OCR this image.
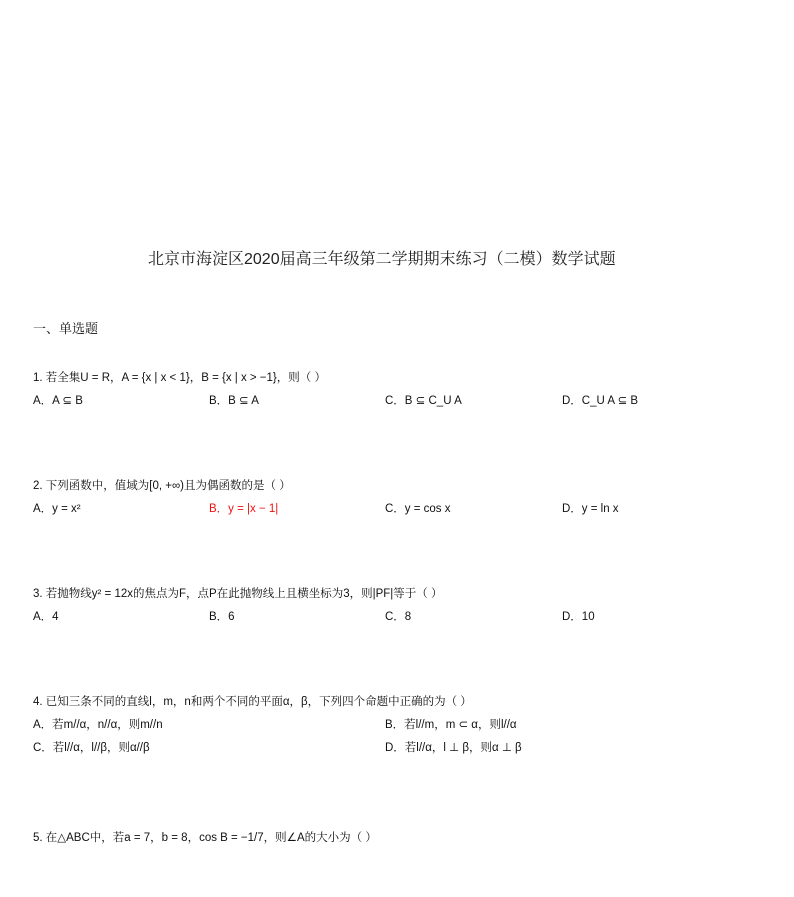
北京市海淀区2020届高三年级第二学期期末练习（二模）数学试题
一、单选题
1. 若全集U = R，A = {x | x < 1}，B = {x | x > −1}，则（ ）
A．A ⊆ B	B．B ⊆ A	C．B ⊆ C_U A	D．C_U A ⊆ B
2. 下列函数中，值域为[0, +∞)且为偶函数的是（ ）
A．y = x²	B．y = |x − 1|	C．y = cos x	D．y = ln x
3. 若抛物线y² = 12x的焦点为F，点P在此抛物线上且横坐标为3，则|PF|等于（ ）
A．4	B．6	C．8	D．10
4. 已知三条不同的直线l，m，n和两个不同的平面α，β，下列四个命题中正确的为（ ）
A．若m//α，n//α，则m//n	B．若l//m，m ⊂ α，则l//α
C．若l//α，l//β，则α//β	D．若l//α，l ⊥ β，则α ⊥ β
5. 在△ABC中，若a = 7，b = 8，cos B = −1/7，则∠A的大小为（ ）
